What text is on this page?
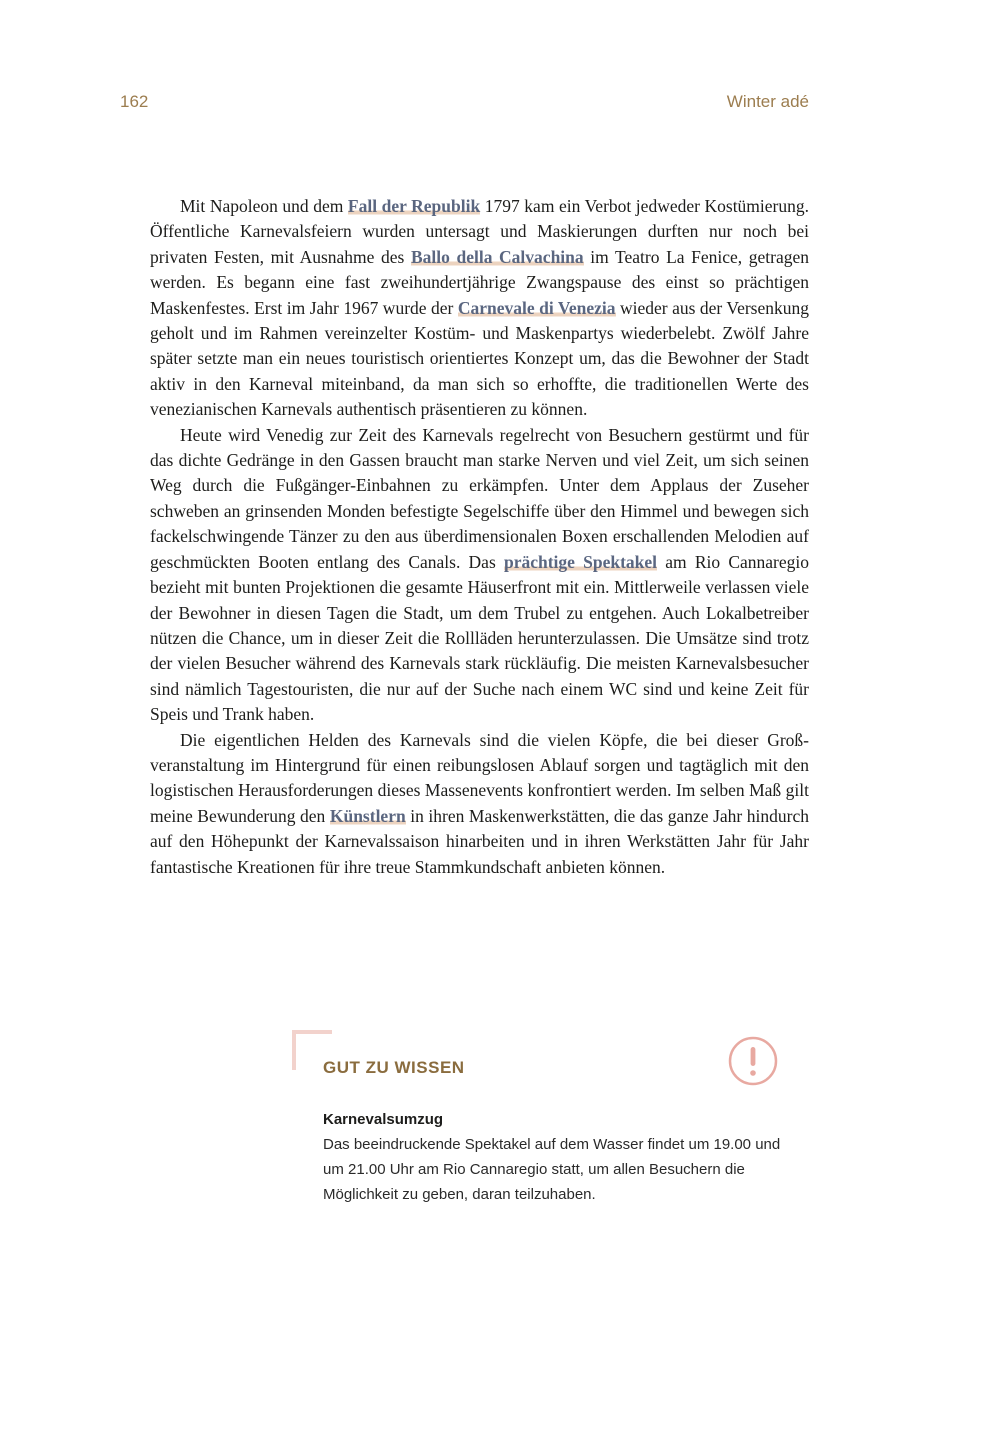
162	Winter adé

Mit Napoleon und dem Fall der Republik 1797 kam ein Verbot jedweder Kostümierung. Öffentliche Karnevalsfeiern wurden untersagt und Maskierungen durften nur noch bei privaten Festen, mit Ausnahme des Ballo della Calvachina im Teatro La Fenice, getragen werden. Es begann eine fast zweihundertjährige Zwangspause des einst so prächtigen Maskenfestes. Erst im Jahr 1967 wurde der Carnevale di Venezia wieder aus der Versenkung geholt und im Rahmen vereinzelter Kostüm- und Maskenpartys wiederbelebt. Zwölf Jahre später setzte man ein neues touristisch orientiertes Konzept um, das die Bewohner der Stadt aktiv in den Karneval miteinband, da man sich so erhoffte, die traditionellen Werte des venezianischen Karnevals authentisch präsentieren zu können.

Heute wird Venedig zur Zeit des Karnevals regelrecht von Besuchern gestürmt und für das dichte Gedränge in den Gassen braucht man starke Nerven und viel Zeit, um sich seinen Weg durch die Fußgänger-Einbahnen zu erkämpfen. Unter dem Applaus der Zuseher schweben an grinsenden Monden befestigte Segelschiffe über den Himmel und bewegen sich fackelschwingende Tänzer zu den aus überdimensionalen Boxen erschallenden Melodien auf geschmückten Booten entlang des Canals. Das prächtige Spektakel am Rio Cannaregio bezieht mit bunten Projektionen die gesamte Häuserfront mit ein. Mittlerweile verlassen viele der Bewohner in diesen Tagen die Stadt, um dem Trubel zu entgehen. Auch Lokalbetreiber nützen die Chance, um in dieser Zeit die Rollläden herunterzulassen. Die Umsätze sind trotz der vielen Besucher während des Karnevals stark rückläufig. Die meisten Karnevalsbesucher sind nämlich Tagestouristen, die nur auf der Suche nach einem WC sind und keine Zeit für Speis und Trank haben.

Die eigentlichen Helden des Karnevals sind die vielen Köpfe, die bei dieser Großveranstaltung im Hintergrund für einen reibungslosen Ablauf sorgen und tagtäglich mit den logistischen Herausforderungen dieses Massenevents konfrontiert werden. Im selben Maß gilt meine Bewunderung den Künstlern in ihren Maskenwerkstätten, die das ganze Jahr hindurch auf den Höhepunkt der Karnevalssaison hinarbeiten und in ihren Werkstätten Jahr für Jahr fantastische Kreationen für ihre treue Stammkundschaft anbieten können.

GUT ZU WISSEN
Karnevalsumzug
Das beeindruckende Spektakel auf dem Wasser findet um 19.00 und um 21.00 Uhr am Rio Cannaregio statt, um allen Besuchern die Möglichkeit zu geben, daran teilzuhaben.
